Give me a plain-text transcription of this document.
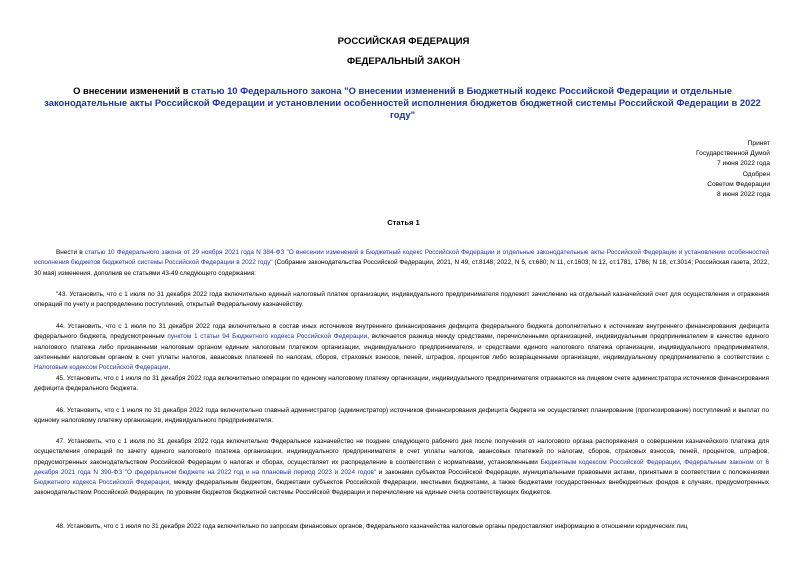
РОССИЙСКАЯ ФЕДЕРАЦИЯ
ФЕДЕРАЛЬНЫЙ ЗАКОН
О внесении изменений в статью 10 Федерального закона "О внесении изменений в Бюджетный кодекс Российской Федерации и отдельные законодательные акты Российской Федерации и установлении особенностей исполнения бюджетов бюджетной системы Российской Федерации в 2022 году"
Принят
Государственной Думой
7 июня 2022 года
Одобрен
Советом Федерации
8 июня 2022 года
Статья 1
Внести в статью 10 Федерального закона от 29 ноября 2021 года N 384-ФЗ "О внесении изменений в Бюджетный кодекс Российской Федерации и отдельные законодательные акты Российской Федерации и установлении особенностей исполнения бюджетов бюджетной системы Российской Федерации в 2022 году" (Собрание законодательства Российской Федерации, 2021, N 49, ст.8148; 2022, N 5, ст.680; N 11, ст.1603; N 12, ст.1781, 1786; N 18, ст.3014; Российская газета, 2022, 30 мая) изменения, дополнив ее статьями 43-49 следующего содержания:
"43. Установить, что с 1 июля по 31 декабря 2022 года включительно единый налоговый платеж организации, индивидуального предпринимателя подлежит зачислению на отдельный казначейский счет для осуществления и отражения операций по учету и распределению поступлений, открытый Федеральному казначейству.
44. Установить, что с 1 июля по 31 декабря 2022 года включительно в состав иных источников внутреннего финансирования дефицита федерального бюджета дополнительно к источникам внутреннего финансирования дефицита федерального бюджета, предусмотренным пунктом 1 статьи 94 Бюджетного кодекса Российской Федерации, включается разница между средствами, перечисленными организацией, индивидуальным предпринимателем в качестве единого налогового платежа либо признанными налоговым органом единым налоговым платежом организации, индивидуального предпринимателя, и средствами единого налогового платежа организации, индивидуального предпринимателя, зачтенными налоговым органом в счет уплаты налогов, авансовых платежей по налогам, сборов, страховых взносов, пеней, штрафов, процентов либо возвращенными организации, индивидуальному предпринимателю в соответствии с Налоговым кодексом Российской Федерации.
45. Установить, что с 1 июля по 31 декабря 2022 года включительно операции по единому налоговому платежу организации, индивидуального предпринимателя отражаются на лицевом счете администратора источников финансирования дефицита федерального бюджета.
46. Установить, что с 1 июля по 31 декабря 2022 года включительно главный администратор (администратор) источников финансирования дефицита бюджета не осуществляет планирование (прогнозирование) поступлений и выплат по единому налоговому платежу организации, индивидуального предпринимателя.
47. Установить, что с 1 июля по 31 декабря 2022 года включительно Федеральное казначейство не позднее следующего рабочего дня после получения от налогового органа распоряжения о совершении казначейского платежа для осуществления операций по зачету единого налогового платежа организации, индивидуального предпринимателя в счет уплаты налогов, авансовых платежей по налогам, сборов, страховых взносов, пеней, процентов, штрафов, предусмотренных законодательством Российской Федерации о налогах и сборах, осуществляет их распределение в соответствии с нормативами, установленными Бюджетным кодексом Российской Федерации, Федеральным законом от 6 декабря 2021 года N 390-ФЗ "О федеральном бюджете на 2022 год и на плановый период 2023 и 2024 годов" и законами субъектов Российской Федерации, муниципальными правовыми актами, принятыми в соответствии с положениями Бюджетного кодекса Российской Федерации, между федеральным бюджетом, бюджетами субъектов Российской Федерации, местными бюджетами, а также бюджетами государственных внебюджетных фондов в случаях, предусмотренных законодательством Российской Федерации, по уровням бюджетов бюджетной системы Российской Федерации и перечисление на единые счета соответствующих бюджетов.
48. Установить, что с 1 июля по 31 декабря 2022 года включительно по запросам финансовых органов, Федерального казначейства налоговые органы предоставляют информацию в отношении юридических лиц
